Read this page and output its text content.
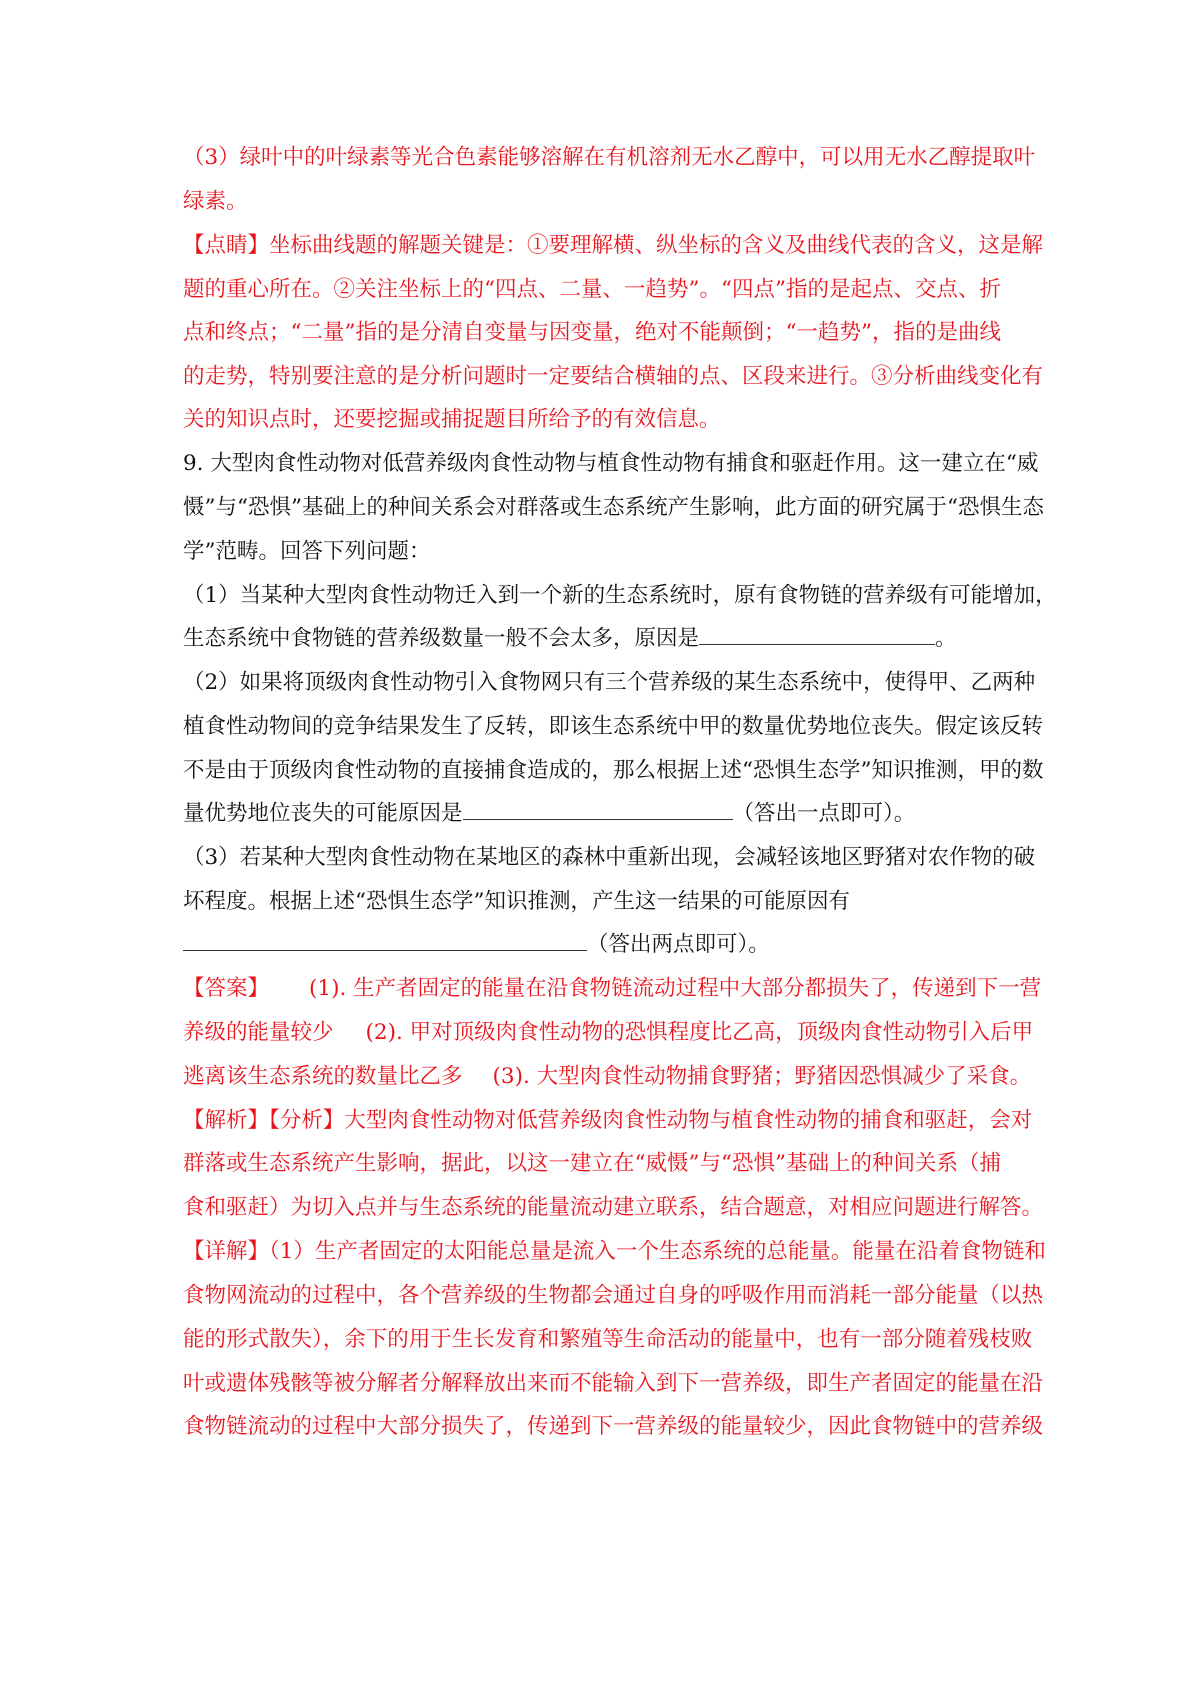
（3）绿叶中的叶绿素等光合色素能够溶解在有机溶剂无水乙醇中，可以用无水乙醇提取叶
绿素。
【点睛】坐标曲线题的解题关键是：①要理解横、纵坐标的含义及曲线代表的含义，这是解
题的重心所在。②关注坐标上的“四点、二量、一趋势”。“四点”指的是起点、交点、折
点和终点；“二量”指的是分清自变量与因变量，绝对不能颠倒；“一趋势”，指的是曲线
的走势，特别要注意的是分析问题时一定要结合横轴的点、区段来进行。③分析曲线变化有
关的知识点时，还要挖掘或捕捉题目所给予的有效信息。
9. 大型肉食性动物对低营养级肉食性动物与植食性动物有捕食和驱赶作用。这一建立在“威
慑”与“恐惧”基础上的种间关系会对群落或生态系统产生影响，此方面的研究属于“恐惧生态
学”范畴。回答下列问题：
（1）当某种大型肉食性动物迁入到一个新的生态系统时，原有食物链的营养级有可能增加，
生态系统中食物链的营养级数量一般不会太多，原因是	。
（2）如果将顶级肉食性动物引入食物网只有三个营养级的某生态系统中，使得甲、乙两种
植食性动物间的竞争结果发生了反转，即该生态系统中甲的数量优势地位丧失。假定该反转
不是由于顶级肉食性动物的直接捕食造成的，那么根据上述“恐惧生态学”知识推测，甲的数
量优势地位丧失的可能原因是	（答出一点即可）。
（3）若某种大型肉食性动物在某地区的森林中重新出现，会减轻该地区野猪对农作物的破
坏程度。根据上述“恐惧生态学”知识推测，产生这一结果的可能原因有
（答出两点即可）。
【答案】 (1). 生产者固定的能量在沿食物链流动过程中大部分都损失了，传递到下一营
养级的能量较少 (2). 甲对顶级肉食性动物的恐惧程度比乙高，顶级肉食性动物引入后甲
逃离该生态系统的数量比乙多 (3). 大型肉食性动物捕食野猪；野猪因恐惧减少了采食。
【解析】【分析】大型肉食性动物对低营养级肉食性动物与植食性动物的捕食和驱赶，会对
群落或生态系统产生影响，据此，以这一建立在“威慑”与“恐惧”基础上的种间关系（捕
食和驱赶）为切入点并与生态系统的能量流动建立联系，结合题意，对相应问题进行解答。
【详解】（1）生产者固定的太阳能总量是流入一个生态系统的总能量。能量在沿着食物链和
食物网流动的过程中，各个营养级的生物都会通过自身的呼吸作用而消耗一部分能量（以热
能的形式散失），余下的用于生长发育和繁殖等生命活动的能量中，也有一部分随着残枝败
叶或遗体残骸等被分解者分解释放出来而不能输入到下一营养级，即生产者固定的能量在沿
食物链流动的过程中大部分损失了，传递到下一营养级的能量较少，因此食物链中的营养级
